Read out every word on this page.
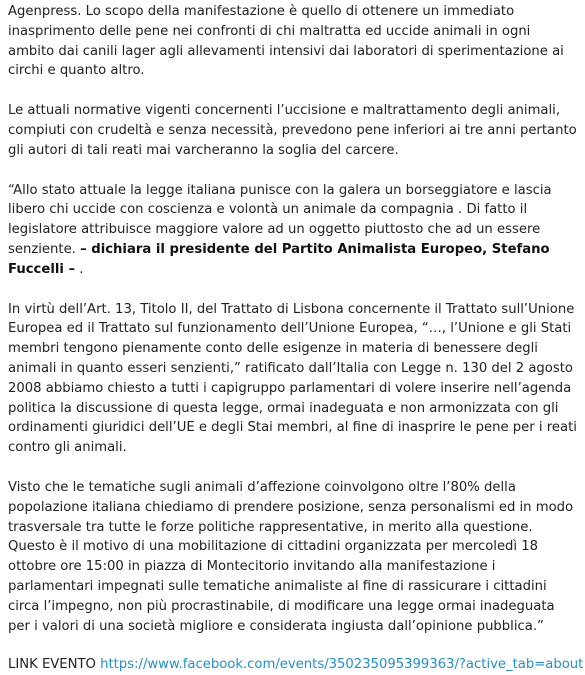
Agenpress. Lo scopo della manifestazione è quello di ottenere un immediato inasprimento delle pene nei confronti di chi maltratta ed uccide animali in ogni ambito dai canili lager agli allevamenti intensivi dai laboratori di sperimentazione ai circhi e quanto altro.

Le attuali normative vigenti concernenti l’uccisione e maltrattamento degli animali, compiuti con crudeltà e senza necessità, prevedono pene inferiori ai tre anni pertanto gli autori di tali reati mai varcheranno la soglia del carcere.

“Allo stato attuale la legge italiana punisce con la galera un borseggiatore e lascia libero chi uccide con coscienza e volontà un animale da compagnia . Di fatto il legislatore attribuisce maggiore valore ad un oggetto piuttosto che ad un essere senziente. – dichiara il presidente del Partito Animalista Europeo, Stefano Fuccelli – .

In virtù dell’Art. 13, Titolo II, del Trattato di Lisbona concernente il Trattato sull’Unione Europea ed il Trattato sul funzionamento dell’Unione Europea, “…, l’Unione e gli Stati membri tengono pienamente conto delle esigenze in materia di benessere degli animali in quanto esseri senzienti,” ratificato dall’Italia con Legge n. 130 del 2 agosto 2008 abbiamo chiesto a tutti i capigruppo parlamentari di volere inserire nell’agenda politica la discussione di questa legge, ormai inadeguata e non armonizzata con gli ordinamenti giuridici dell’UE e degli Stai membri, al fine di inasprire le pene per i reati contro gli animali.

Visto che le tematiche sugli animali d’affezione coinvolgono oltre l’80% della popolazione italiana chiediamo di prendere posizione, senza personalismi ed in modo trasversale tra tutte le forze politiche rappresentative, in merito alla questione. Questo è il motivo di una mobilitazione di cittadini organizzata per mercoledì 18 ottobre ore 15:00 in piazza di Montecitorio invitando alla manifestazione i parlamentari impegnati sulle tematiche animaliste al fine di rassicurare i cittadini circa l’impegno, non più procrastinabile, di modificare una legge ormai inadeguata per i valori di una società migliore e considerata ingiusta dall’opinione pubblica.”

LINK EVENTO https://www.facebook.com/events/350235095399363/?active_tab=about
